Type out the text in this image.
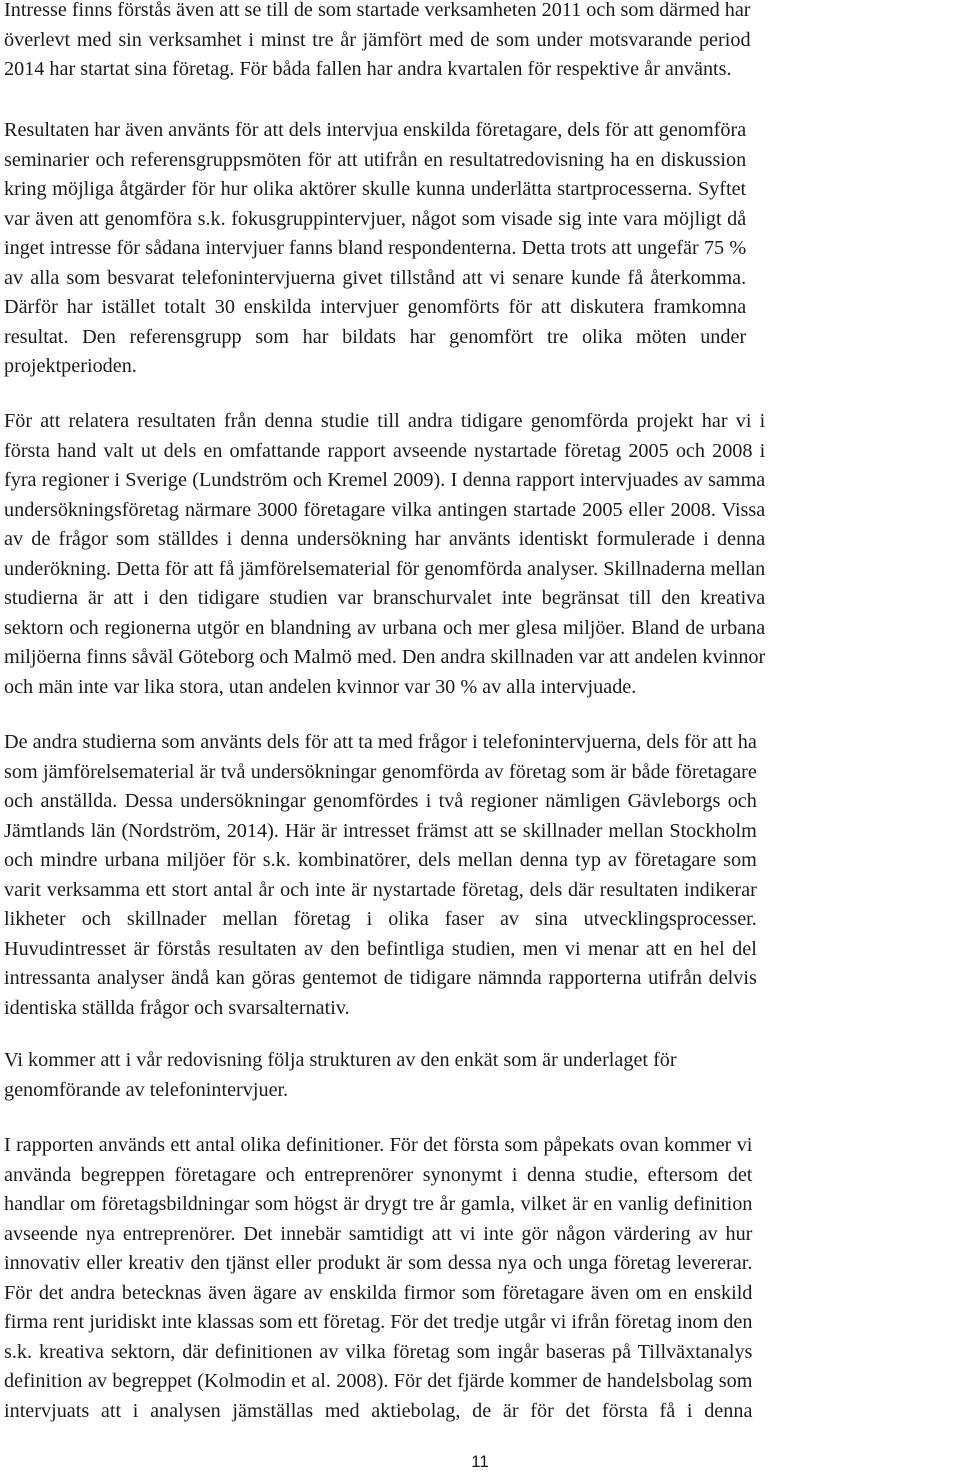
Intresse finns förstås även att se till de som startade verksamheten 2011 och som därmed har
överlevt med sin verksamhet i minst tre år jämfört med de som under motsvarande period
2014 har startat sina företag. För båda fallen har andra kvartalen för respektive år använts.
Resultaten har även använts för att dels intervjua enskilda företagare, dels för att genomföra
seminarier och referensgruppsmöten för att utifrån en resultatredovisning ha en diskussion
kring möjliga åtgärder för hur olika aktörer skulle kunna underlätta startprocesserna. Syftet
var även att genomföra s.k. fokusgruppintervjuer, något som visade sig inte vara möjligt då
inget intresse för sådana intervjuer fanns bland respondenterna. Detta trots att ungefär 75 %
av alla som besvarat telefonintervjuerna givet tillstånd att vi senare kunde få återkomma.
Därför har istället totalt 30 enskilda intervjuer genomförts för att diskutera framkomna
resultat. Den referensgrupp som har bildats har genomfört tre olika möten under
projektperioden.
För att relatera resultaten från denna studie till andra tidigare genomförda projekt har vi i
första hand valt ut dels en omfattande rapport avseende nystartade företag 2005 och 2008 i
fyra regioner i Sverige (Lundström och Kremel 2009). I denna rapport intervjuades av samma
undersökningsföretag närmare 3000 företagare vilka antingen startade 2005 eller 2008. Vissa
av de frågor som ställdes i denna undersökning har använts identiskt formulerade i denna
underökning. Detta för att få jämförelsematerial för genomförda analyser. Skillnaderna mellan
studierna är att i den tidigare studien var branschurvalet inte begränsat till den kreativa
sektorn och regionerna utgör en blandning av urbana och mer glesa miljöer. Bland de urbana
miljöerna finns såväl Göteborg och Malmö med. Den andra skillnaden var att andelen kvinnor
och män inte var lika stora, utan andelen kvinnor var 30 % av alla intervjuade.
De andra studierna som använts dels för att ta med frågor i telefonintervjuerna, dels för att ha
som jämförelsematerial är två undersökningar genomförda av företag som är både företagare
och anställda. Dessa undersökningar genomfördes i två regioner nämligen Gävleborgs och
Jämtlands län (Nordström, 2014). Här är intresset främst att se skillnader mellan Stockholm
och mindre urbana miljöer för s.k. kombinatörer, dels mellan denna typ av företagare som
varit verksamma ett stort antal år och inte är nystartade företag, dels där resultaten indikerar
likheter och skillnader mellan företag i olika faser av sina utvecklingsprocesser.
Huvudintresset är förstås resultaten av den befintliga studien, men vi menar att en hel del
intressanta analyser ändå kan göras gentemot de tidigare nämnda rapporterna utifrån delvis
identiska ställda frågor och svarsalternativ.
Vi kommer att i vår redovisning följa strukturen av den enkät som är underlaget för
genomförande av telefonintervjuer.
I rapporten används ett antal olika definitioner. För det första som påpekats ovan kommer vi
använda begreppen företagare och entreprenörer synonymt i denna studie, eftersom det
handlar om företagsbildningar som högst är drygt tre år gamla, vilket är en vanlig definition
avseende nya entreprenörer. Det innebär samtidigt att vi inte gör någon värdering av hur
innovativ eller kreativ den tjänst eller produkt är som dessa nya och unga företag levererar.
För det andra betecknas även ägare av enskilda firmor som företagare även om en enskild
firma rent juridiskt inte klassas som ett företag. För det tredje utgår vi ifrån företag inom den
s.k. kreativa sektorn, där definitionen av vilka företag som ingår baseras på Tillväxtanalys
definition av begreppet (Kolmodin et al. 2008). För det fjärde kommer de handelsbolag som
intervjuats att i analysen jämställas med aktiebolag, de är för det första få i denna
11
